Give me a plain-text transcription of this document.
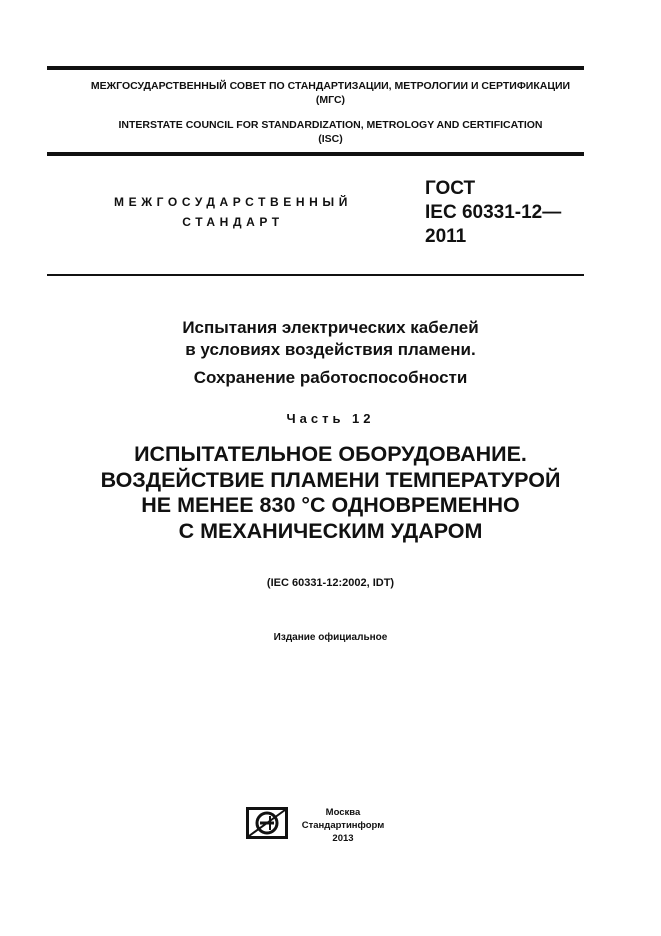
МЕЖГОСУДАРСТВЕННЫЙ СОВЕТ ПО СТАНДАРТИЗАЦИИ, МЕТРОЛОГИИ И СЕРТИФИКАЦИИ
(МГС)
INTERSTATE COUNCIL FOR STANDARDIZATION, METROLOGY AND CERTIFICATION
(ISC)
МЕЖГОСУДАРСТВЕННЫЙ
СТАНДАРТ
ГОСТ
IEC 60331-12—
2011
Испытания электрических кабелей
в условиях воздействия пламени.
Сохранение работоспособности
Часть 12
ИСПЫТАТЕЛЬНОЕ ОБОРУДОВАНИЕ.
ВОЗДЕЙСТВИЕ ПЛАМЕНИ ТЕМПЕРАТУРОЙ
НЕ МЕНЕЕ 830 °C ОДНОВРЕМЕННО
С МЕХАНИЧЕСКИМ УДАРОМ
(IEC 60331-12:2002, IDT)
Издание официальное
Москва
Стандартинформ
2013
